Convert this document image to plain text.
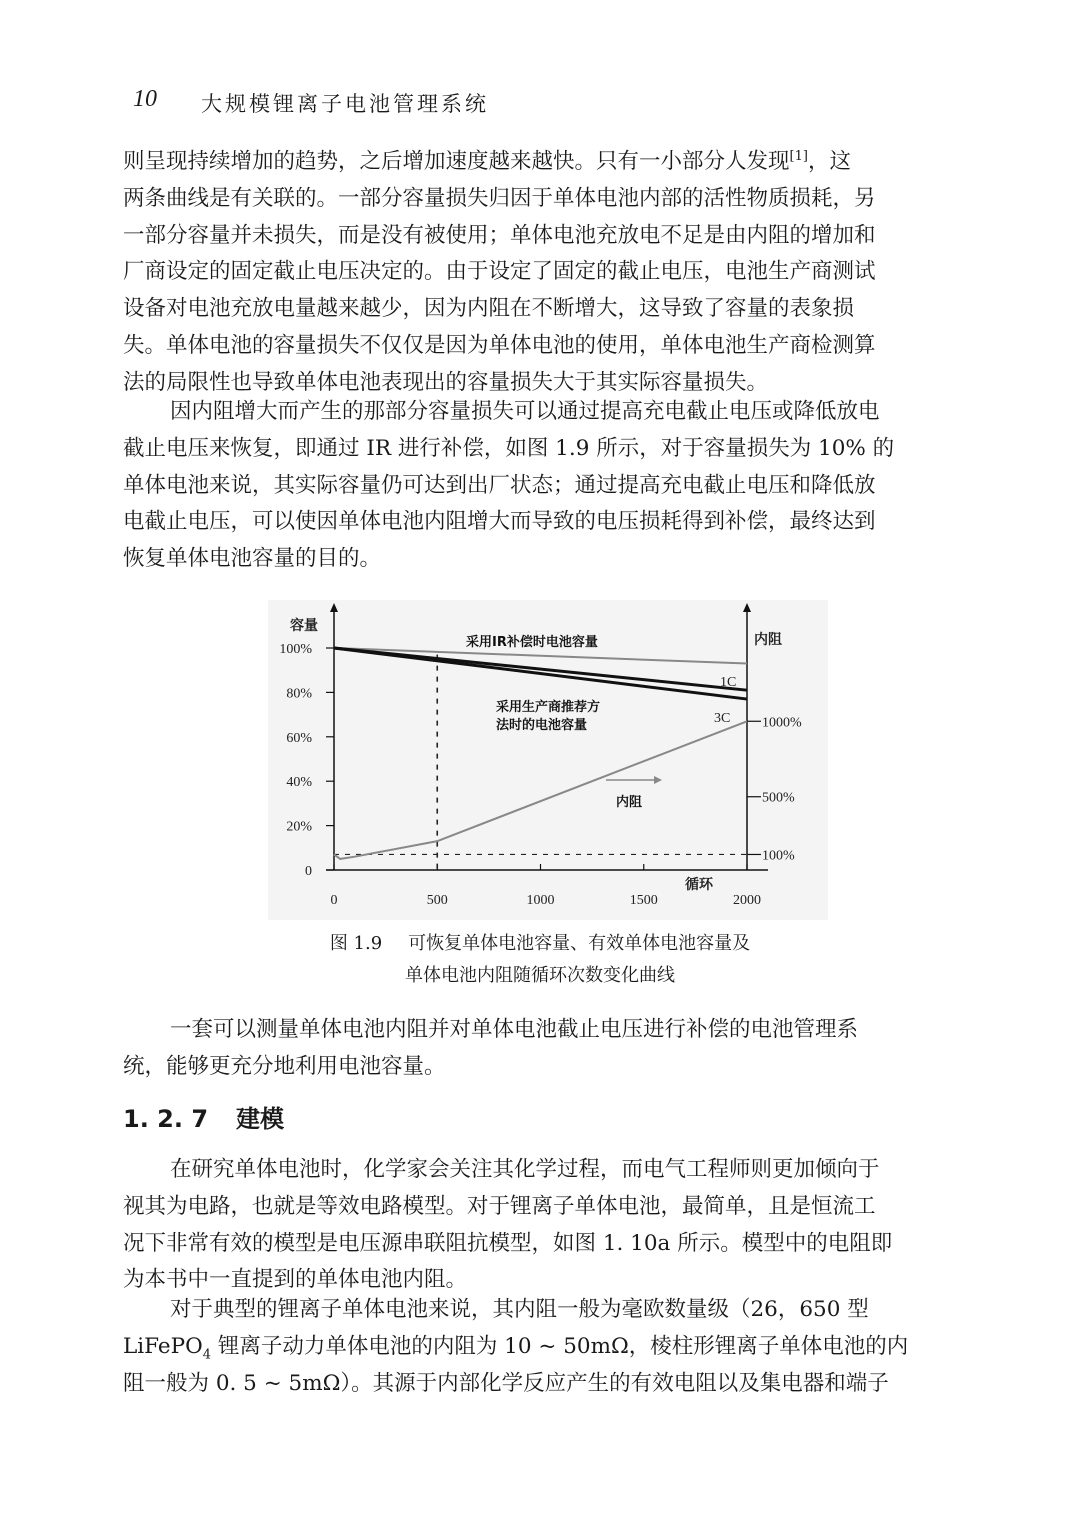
10 大规模锂离子电池管理系统

则呈现持续增加的趋势，之后增加速度越来越快。只有一小部分人发现[1]，这
两条曲线是有关联的。一部分容量损失归因于单体电池内部的活性物质损耗，另
一部分容量并未损失，而是没有被使用；单体电池充放电不足是由内阻的增加和
厂商设定的固定截止电压决定的。由于设定了固定的截止电压，电池生产商测试
设备对电池充放电量越来越少，因为内阻在不断增大，这导致了容量的表象损
失。单体电池的容量损失不仅仅是因为单体电池的使用，单体电池生产商检测算
法的局限性也导致单体电池表现出的容量损失大于其实际容量损失。

因内阻增大而产生的那部分容量损失可以通过提高充电截止电压或降低放电
截止电压来恢复，即通过 IR 进行补偿，如图 1.9 所示，对于容量损失为 10% 的
单体电池来说，其实际容量仍可达到出厂状态；通过提高充电截止电压和降低放
电截止电压，可以使因单体电池内阻增大而导致的电压损耗得到补偿，最终达到
恢复单体电池容量的目的。

容量
内阻
循环
采用IR补偿时电池容量
采用生产商推荐方
法时的电池容量
1C
3C
内阻
0	500	1000	1500	2000
0
20%
40%
60%
80%
100%
100%
500%
1000%
图 1.9 可恢复单体电池容量、有效单体电池容量及
单体电池内阻随循环次数变化曲线

一套可以测量单体电池内阻并对单体电池截止电压进行补偿的电池管理系
统，能够更充分地利用电池容量。

1. 2. 7 建模

在研究单体电池时，化学家会关注其化学过程，而电气工程师则更加倾向于
视其为电路，也就是等效电路模型。对于锂离子单体电池，最简单，且是恒流工
况下非常有效的模型是电压源串联阻抗模型，如图 1. 10a 所示。模型中的电阻即
为本书中一直提到的单体电池内阻。

对于典型的锂离子单体电池来说，其内阻一般为毫欧数量级（26，650 型
LiFePO$_4$ 锂离子动力单体电池的内阻为 10 ~ 50mΩ，棱柱形锂离子单体电池的内
阻一般为 0. 5 ~ 5mΩ）。其源于内部化学反应产生的有效电阻以及集电器和端子
